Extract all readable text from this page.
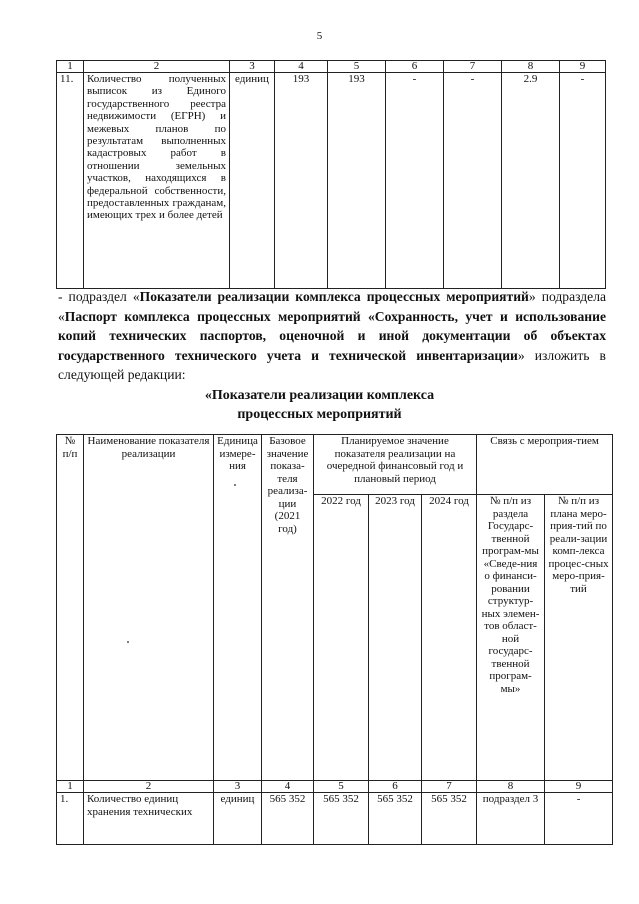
5
1	2	3	4	5	6	7	8	9
11.	Количество полученных выписок из Единого государственного реестра недвижимости (ЕГРН) и межевых планов по результатам выполненных кадастровых работ в отношении земельных участков, находящихся в федеральной собственности, предоставленных гражданам, имеющих трех и более детей	единиц	193	193	-	-	2.9	-

- подраздел «Показатели реализации комплекса процессных мероприятий» подраздела «Паспорт комплекса процессных мероприятий «Сохранность, учет и использование копий технических паспортов, оценочной и иной документации об объектах государственного технического учета и технической инвентаризации» изложить в следующей редакции:

«Показатели реализации комплекса
процессных мероприятий
№ п/п	Наименование показателя реализации	Единица измере-ния	Базовое значение показа-теля реализа-ции (2021 год)	Планируемое значение показателя реализации на очередной финансовый год и плановый период			Связь с мероприя-тием	
				2022 год	2023 год	2024 год	№ п/п из раздела Государс-твенной програм-мы «Сведе-ния о финанси-ровании структур-ных элемен-тов област-ной государс-твенной програм-мы»	№ п/п из плана меро-прия-тий по реали-зации комп-лекса процес-сных меро-прия-тий
1	2	3	4	5	6	7	8	9
1.	Количество единиц хранения технических	единиц	565 352	565 352	565 352	565 352	подраздел 3	-
